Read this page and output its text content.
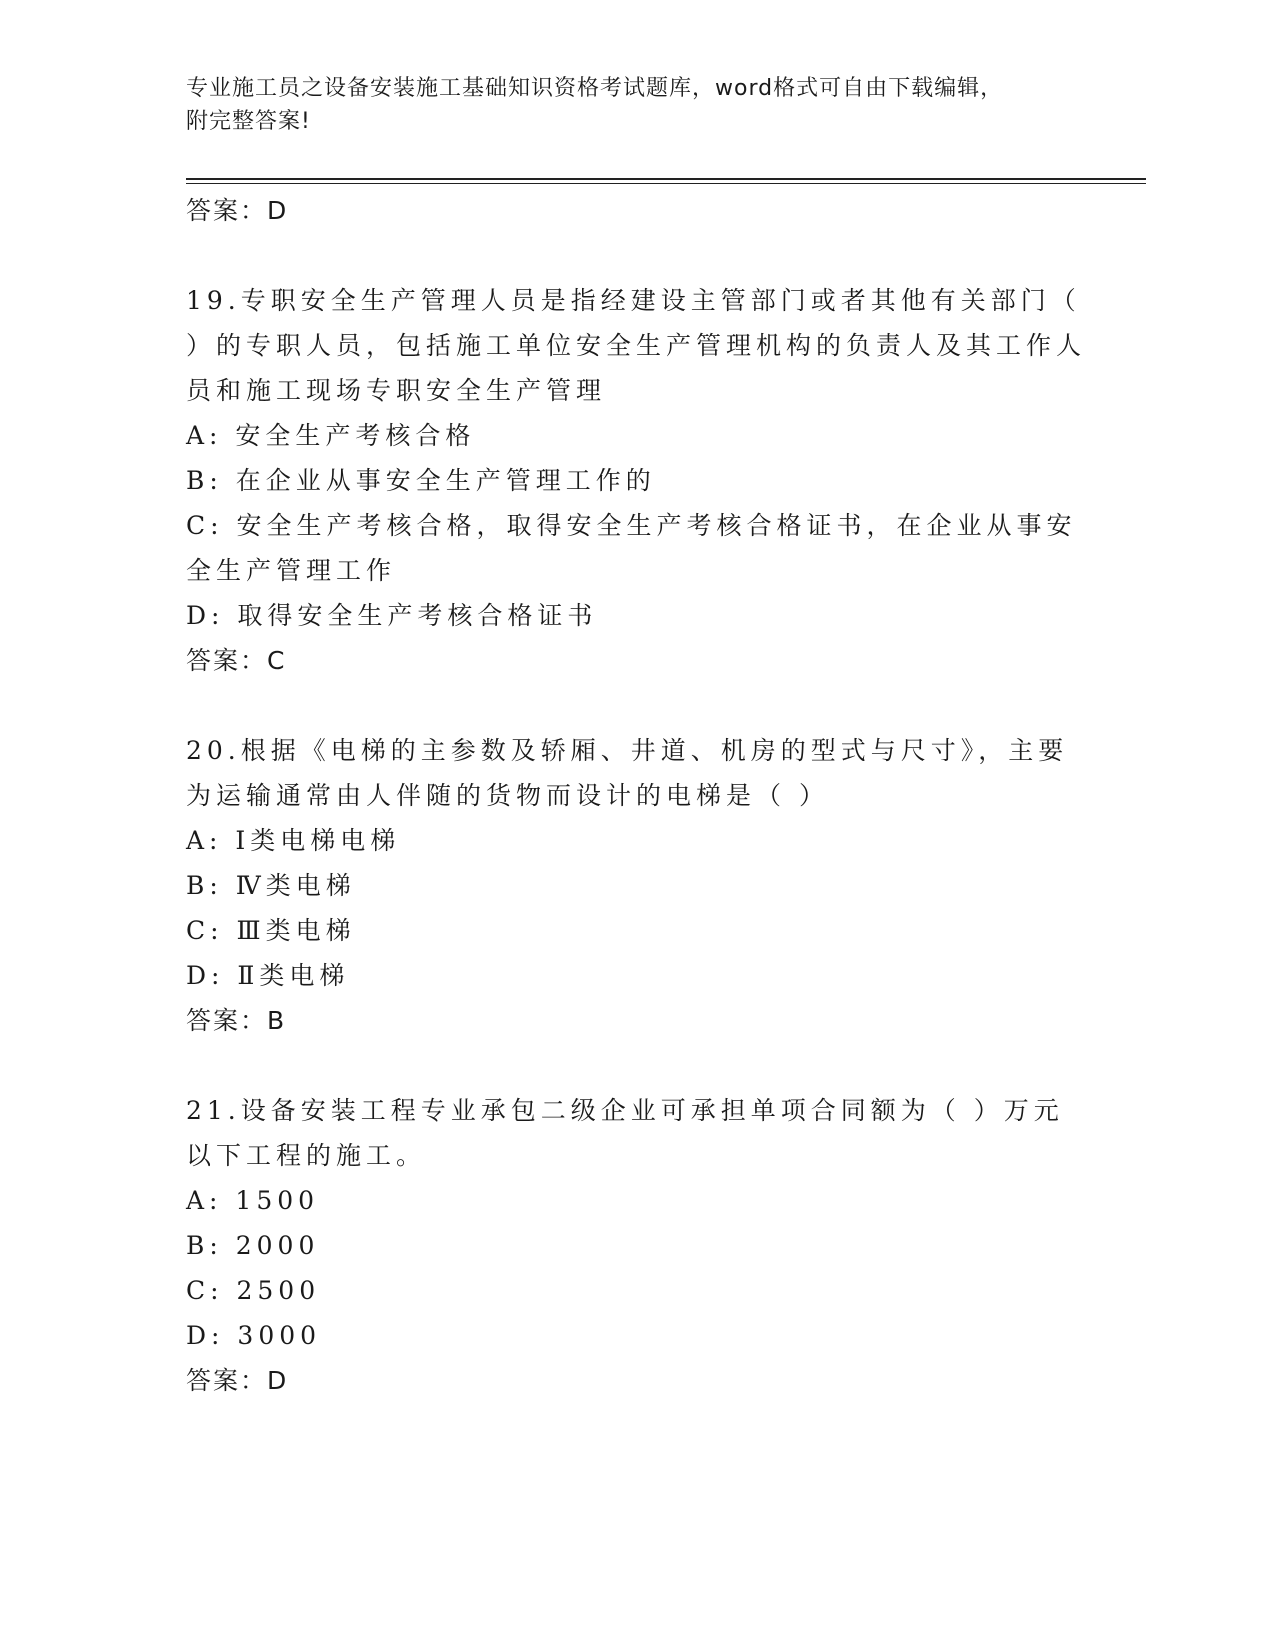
专业施工员之设备安装施工基础知识资格考试题库，word格式可自由下载编辑，
附完整答案!

答案：D

19.专职安全生产管理人员是指经建设主管部门或者其他有关部门（ ）的专职人员，包括施工单位安全生产管理机构的负责人及其工作人员和施工现场专职安全生产管理

A: 安全生产考核合格

B: 在企业从事安全生产管理工作的

C: 安全生产考核合格，取得安全生产考核合格证书，在企业从事安全生产管理工作

D: 取得安全生产考核合格证书

答案：C

20.根据《电梯的主参数及轿厢、井道、机房的型式与尺寸》，主要为运输通常由人伴随的货物而设计的电梯是（ ）

A: Ⅰ类电梯电梯

B: Ⅳ类电梯

C: Ⅲ类电梯

D: Ⅱ类电梯

答案：B

21.设备安装工程专业承包二级企业可承担单项合同额为（ ）万元以下工程的施工。

A: 1500

B: 2000

C: 2500

D: 3000

答案：D
